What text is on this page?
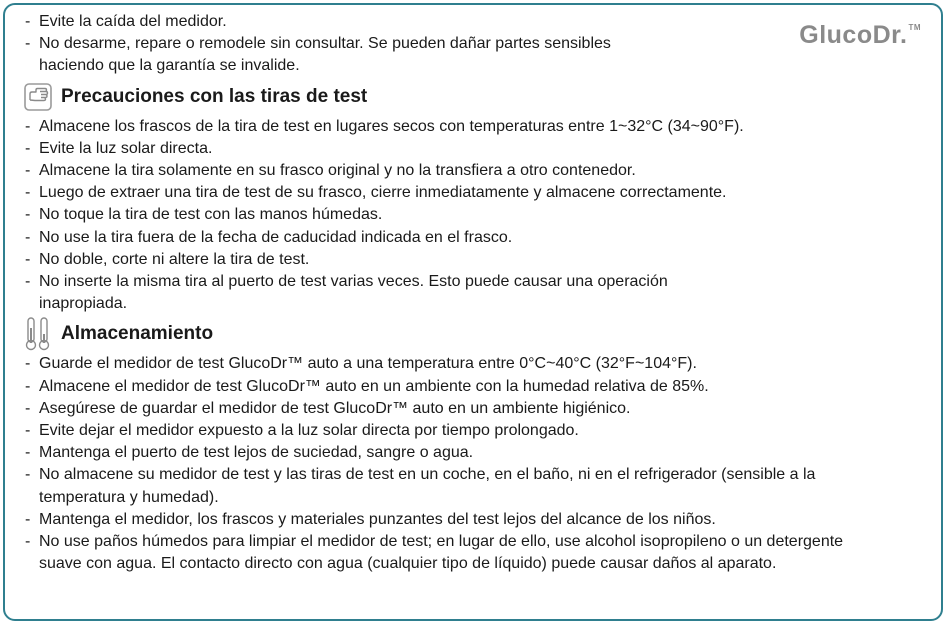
GlucoDr.™

- Evite la caída del medidor.

- No desarme, repare o remodele sin consultar. Se pueden dañar partes sensibles

haciendo que la garantía se invalide.

Precauciones con las tiras de test

- Almacene los frascos de la tira de test en lugares secos con temperaturas entre 1~32°C (34~90°F).

- Evite la luz solar directa.

- Almacene la tira solamente en su frasco original y no la transfiera a otro contenedor.

- Luego de extraer una tira de test de su frasco, cierre inmediatamente y almacene correctamente.

- No toque la tira de test con las manos húmedas.

- No use la tira fuera de la fecha de caducidad indicada en el frasco.

- No doble, corte ni altere la tira de test.

- No inserte la misma tira al puerto de test varias veces. Esto puede causar una operación

inapropiada.

Almacenamiento

- Guarde el medidor de test GlucoDr™ auto a una temperatura entre 0°C~40°C (32°F~104°F).

- Almacene el medidor de test GlucoDr™ auto en un ambiente con la humedad relativa de 85%.

- Asegúrese de guardar el medidor de test GlucoDr™ auto en un ambiente higiénico.

- Evite dejar el medidor expuesto a la luz solar directa por tiempo prolongado.

- Mantenga el puerto de test lejos de suciedad, sangre o agua.

- No almacene su medidor de test y las tiras de test en un coche, en el baño, ni en el refrigerador (sensible a la

temperatura y humedad).

- Mantenga el medidor, los frascos y materiales punzantes del test lejos del alcance de los niños.

- No use paños húmedos para limpiar el medidor de test; en lugar de ello, use alcohol isopropileno o un detergente

suave con agua. El contacto directo con agua (cualquier tipo de líquido) puede causar daños al aparato.
